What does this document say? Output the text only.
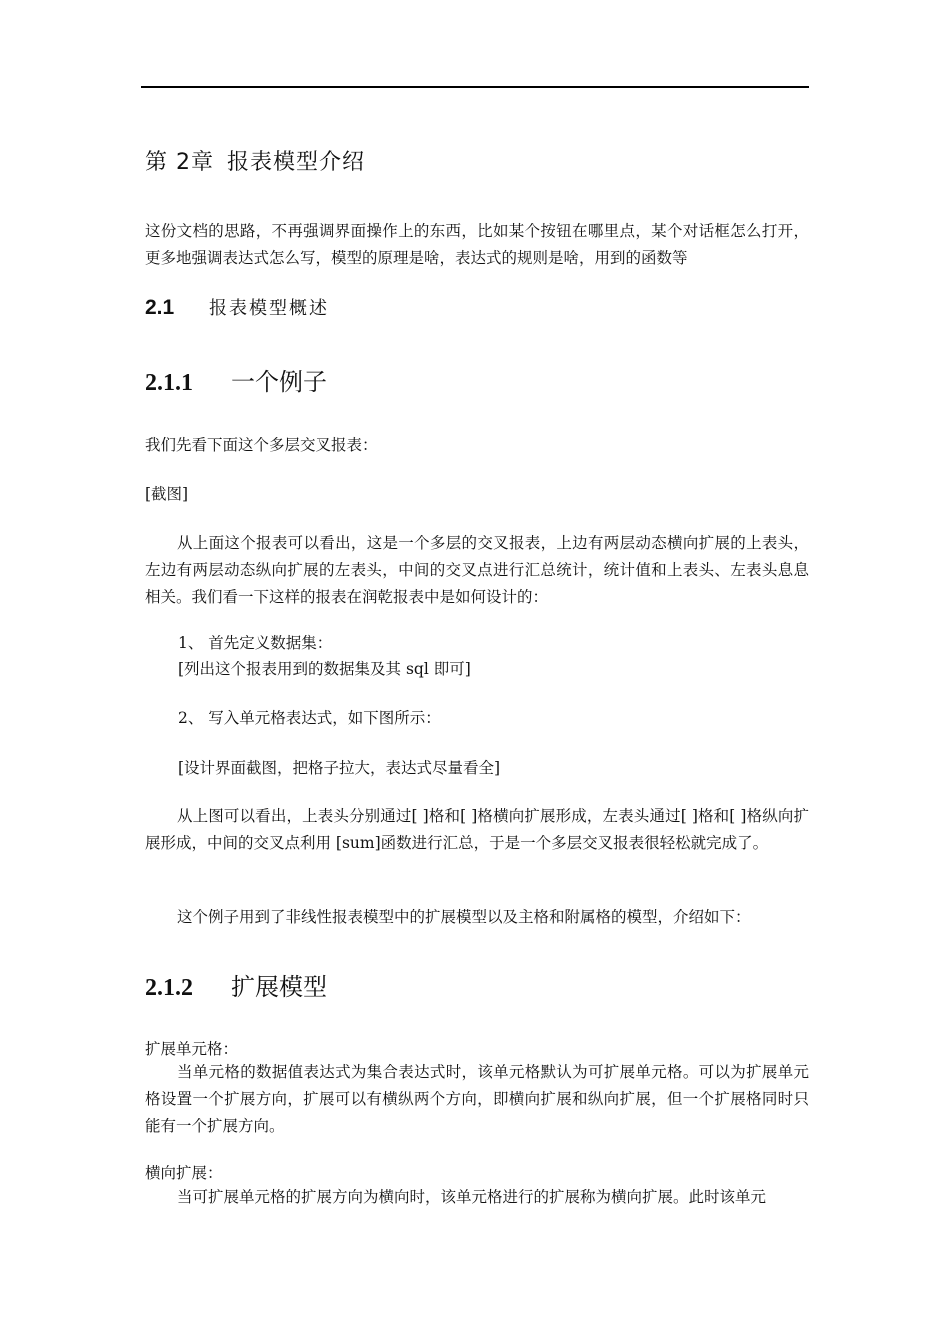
第 2章 报表模型介绍
这份文档的思路，不再强调界面操作上的东西，比如某个按钮在哪里点，某个对话框怎么打开，更多地强调表达式怎么写，模型的原理是啥，表达式的规则是啥，用到的函数等
2.1 报表模型概述
2.1.1 一个例子
我们先看下面这个多层交叉报表：
[截图]
从上面这个报表可以看出，这是一个多层的交叉报表，上边有两层动态横向扩展的上表头，左边有两层动态纵向扩展的左表头，中间的交叉点进行汇总统计，统计值和上表头、左表头息息相关。我们看一下这样的报表在润乾报表中是如何设计的：
1、 首先定义数据集：
[列出这个报表用到的数据集及其 sql 即可]
2、 写入单元格表达式，如下图所示：
[设计界面截图，把格子拉大，表达式尽量看全]
从上图可以看出，上表头分别通过[ ]格和[ ]格横向扩展形成，左表头通过[ ]格和[ ]格纵向扩展形成，中间的交叉点利用 [sum]函数进行汇总，于是一个多层交叉报表很轻松就完成了。
这个例子用到了非线性报表模型中的扩展模型以及主格和附属格的模型，介绍如下：
2.1.2 扩展模型
扩展单元格：
当单元格的数据值表达式为集合表达式时，该单元格默认为可扩展单元格。可以为扩展单元格设置一个扩展方向，扩展可以有横纵两个方向，即横向扩展和纵向扩展，但一个扩展格同时只能有一个扩展方向。
横向扩展：
当可扩展单元格的扩展方向为横向时，该单元格进行的扩展称为横向扩展。此时该单元
